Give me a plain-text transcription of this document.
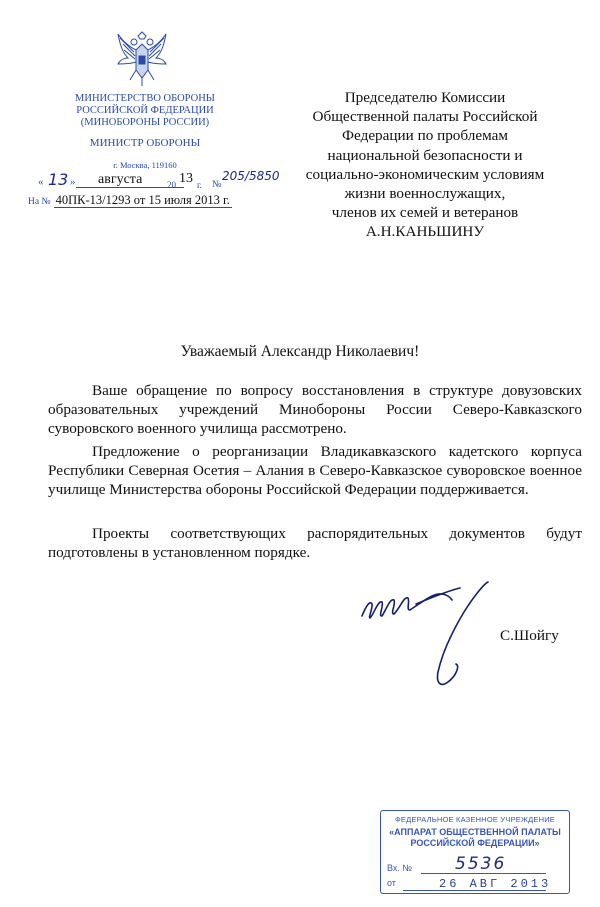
МИНИСТЕРСТВО ОБОРОНЫ
РОССИЙСКОЙ ФЕДЕРАЦИИ
(МИНОБОРОНЫ РОССИИ)
МИНИСТР ОБОРОНЫ
г. Москва, 119160
« 13 » августа	20 13 г. №
205/5850
На № 40ПК-13/1293 от 15 июля 2013 г.
Председателю Комиссии
Общественной палаты Российской
Федерации по проблемам
национальной безопасности и
социально-экономическим условиям
жизни военнослужащих,
членов их семей и ветеранов
А.Н.КАНЬШИНУ
Уважаемый Александр Николаевич!
Ваше обращение по вопросу восстановления в структуре довузовских образовательных учреждений Минобороны России Северо-Кавказского суворовского военного училища рассмотрено.
Предложение о реорганизации Владикавказского кадетского корпуса Республики Северная Осетия – Алания в Северо-Кавказское суворовское военное училище Министерства обороны Российской Федерации поддерживается.
Проекты соответствующих распорядительных документов будут подготовлены в установленном порядке.
С.Шойгу
ФЕДЕРАЛЬНОЕ КАЗЕННОЕ УЧРЕЖДЕНИЕ
«АППАРАТ ОБЩЕСТВЕННОЙ ПАЛАТЫ
РОССИЙСКОЙ ФЕДЕРАЦИИ»
Вх. №	5536
от	26 АВГ 2013
